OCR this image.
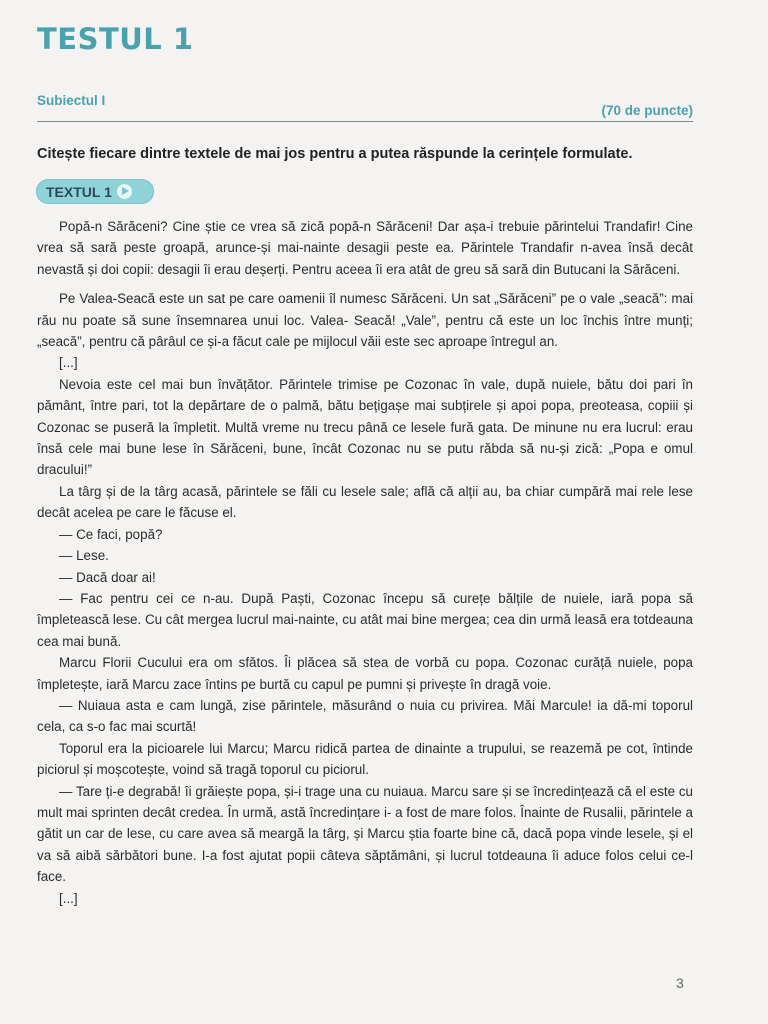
TESTUL 1
Subiectul I
(70 de puncte)
Citește fiecare dintre textele de mai jos pentru a putea răspunde la cerințele formulate.
TEXTUL 1

Popă-n Sărăceni? Cine știe ce vrea să zică popă-n Sărăceni! Dar așa-i trebuie părintelui Trandafir! Cine vrea să sară peste groapă, arunce-și mai-nainte desagii peste ea. Părintele Trandafir n-avea însă decât nevastă și doi copii: desagii îi erau deșerți. Pentru aceea îi era atât de greu să sară din Butucani la Sărăceni.

Pe Valea-Seacă este un sat pe care oamenii îl numesc Sărăceni. Un sat „Sărăceni” pe o vale „seacă”: mai rău nu poate să sune însemnarea unui loc. Valea- Seacă! „Vale”, pentru că este un loc închis între munți; „seacă”, pentru că pârâul ce și-a făcut cale pe mijlocul văii este sec aproape întregul an.

[...]

Nevoia este cel mai bun învățător. Părintele trimise pe Cozonac în vale, după nuiele, bătu doi pari în pământ, între pari, tot la depărtare de o palmă, bătu bețigașe mai subțirele și apoi popa, preoteasa, copiii și Cozonac se puseră la împletit. Multă vreme nu trecu până ce lesele fură gata. De minune nu era lucrul: erau însă cele mai bune lese în Sărăceni, bune, încât Cozonac nu se putu răbda să nu-și zică: „Popa e omul dracului!”

La târg și de la târg acasă, părintele se făli cu lesele sale; află că alții au, ba chiar cumpără mai rele lese decât acelea pe care le făcuse el.

— Ce faci, popă?

— Lese.

— Dacă doar ai!

— Fac pentru cei ce n-au. După Paști, Cozonac începu să curețe bălțile de nuiele, iară popa să împletească lese. Cu cât mergea lucrul mai-nainte, cu atât mai bine mergea; cea din urmă leasă era totdeauna cea mai bună.

Marcu Florii Cucului era om sfătos. Îi plăcea să stea de vorbă cu popa. Cozonac curăță nuiele, popa împletește, iară Marcu zace întins pe burtă cu capul pe pumni și privește în dragă voie.

— Nuiaua asta e cam lungă, zise părintele, măsurând o nuia cu privirea. Măi Marcule! ia dă-mi toporul cela, ca s-o fac mai scurtă!

Toporul era la picioarele lui Marcu; Marcu ridică partea de dinainte a trupului, se reazemă pe cot, întinde piciorul și moșcotește, voind să tragă toporul cu piciorul.

— Tare ți-e degrabă! îi grăiește popa, și-i trage una cu nuiaua. Marcu sare și se încredințează că el este cu mult mai sprinten decât credea. În urmă, astă încredințare i- a fost de mare folos. Înainte de Rusalii, părintele a gătit un car de lese, cu care avea să meargă la târg, și Marcu știa foarte bine că, dacă popa vinde lesele, și el va să aibă sărbători bune. I-a fost ajutat popii câteva săptămâni, și lucrul totdeauna îi aduce folos celui ce-l face.

[...]

3
